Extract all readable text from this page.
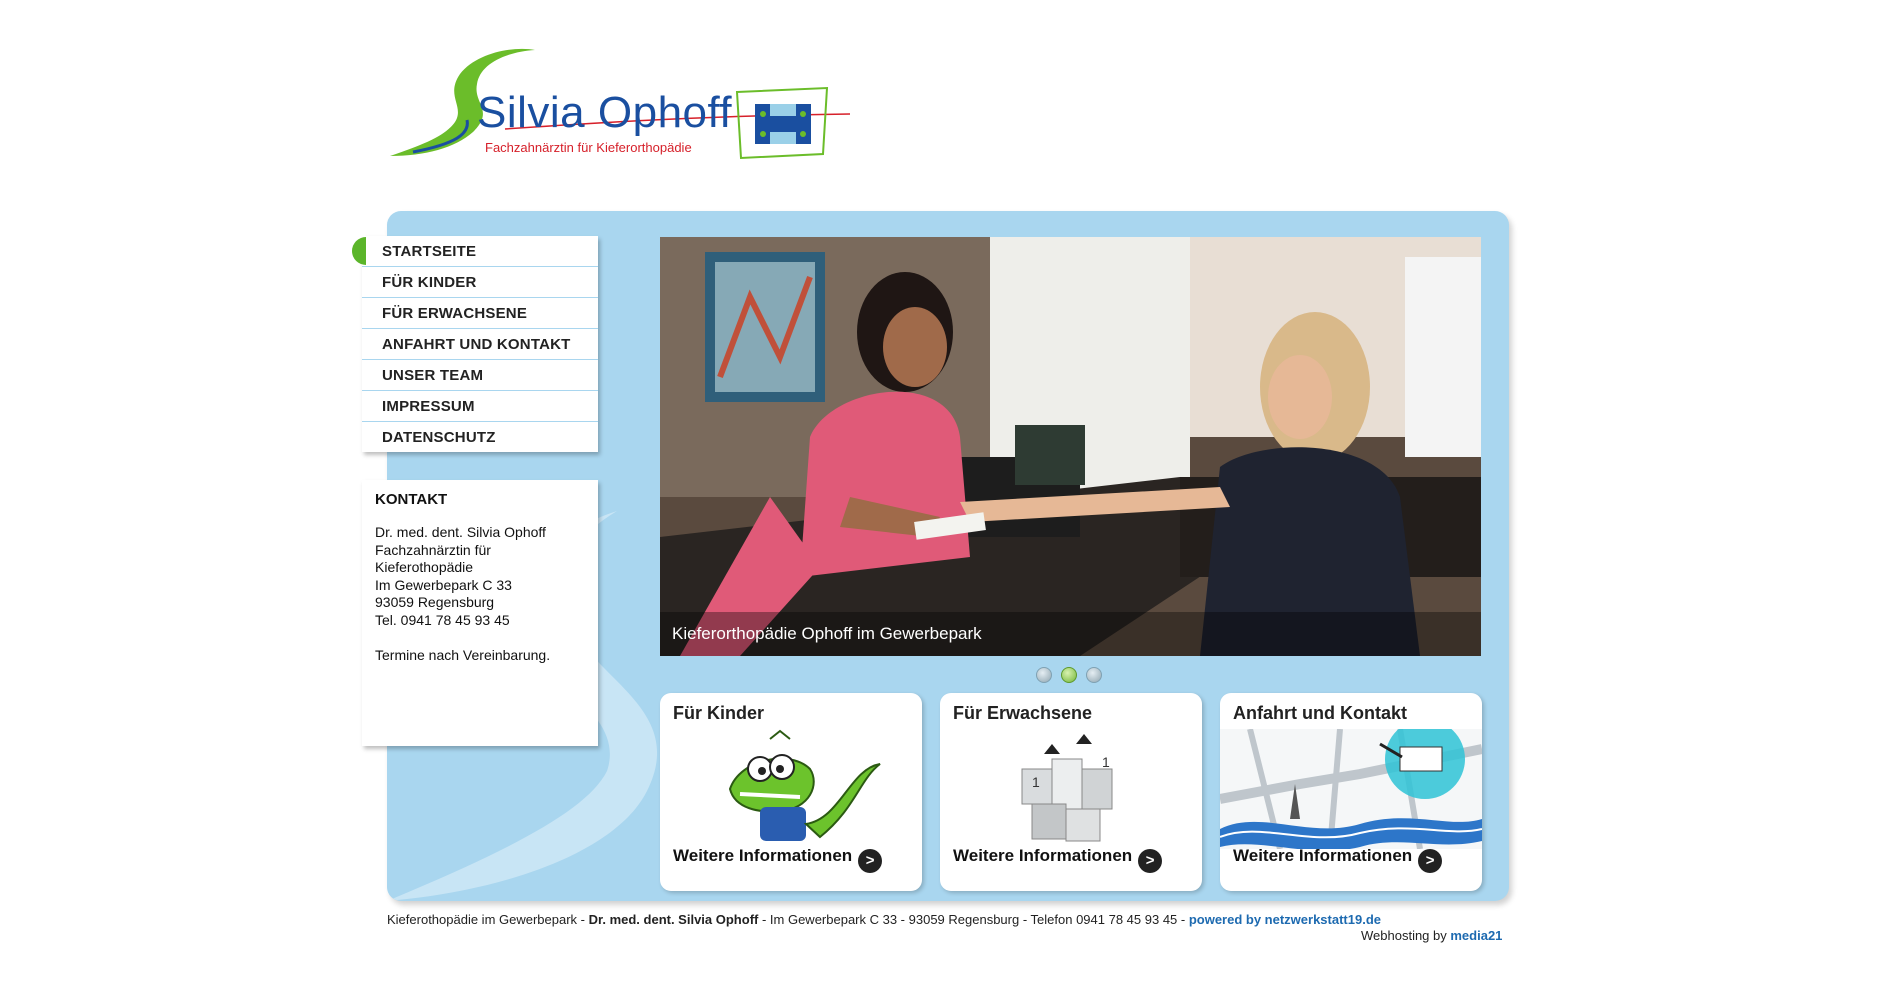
Silvia Ophoff
Fachzahnärztin für Kieferorthopädie
STARTSEITE
FÜR KINDER
FÜR ERWACHSENE
ANFAHRT UND KONTAKT
UNSER TEAM
IMPRESSUM
DATENSCHUTZ
KONTAKT
Dr. med. dent. Silvia Ophoff
Fachzahnärztin für
Kieferothopädie
Im Gewerbepark C 33
93059 Regensburg
Tel. 0941 78 45 93 45

Termine nach Vereinbarung.
Kieferorthopädie Ophoff im Gewerbepark
Für Kinder
Weitere Informationen >
Für Erwachsene
1
1
Weitere Informationen >
Anfahrt und Kontakt
Weitere Informationen >
Kieferothopädie im Gewerbepark - Dr. med. dent. Silvia Ophoff - Im Gewerbepark C 33 - 93059 Regensburg - Telefon 0941 78 45 93 45 - powered by netzwerkstatt19.de
Webhosting by media21
